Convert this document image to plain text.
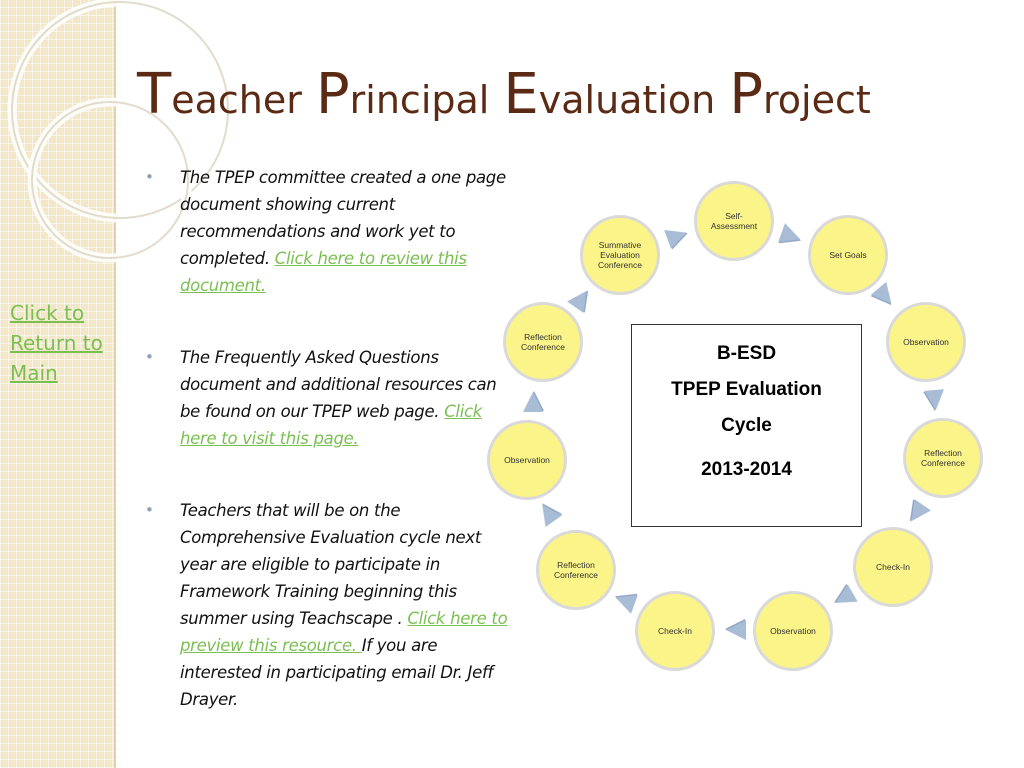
Click to Return to Main
Teacher Principal Evaluation Project
• The TPEP committee created a one page document showing current recommendations and work yet to completed. Click here to review this document.
• The Frequently Asked Questions document and additional resources can be found on our TPEP web page. Click here to visit this page.
• Teachers that will be on the Comprehensive Evaluation cycle next year are eligible to participate in Framework Training beginning this summer using Teachscape . Click here to preview this resource. If you are interested in participating email Dr. Jeff Drayer.
Self-Assessment
Set Goals
Observation
Reflection Conference
Check-In
Observation
Check-In
Reflection Conference
Observation
Reflection Conference
Summative Evaluation Conference
B-ESD
TPEP Evaluation
Cycle
2013-2014
